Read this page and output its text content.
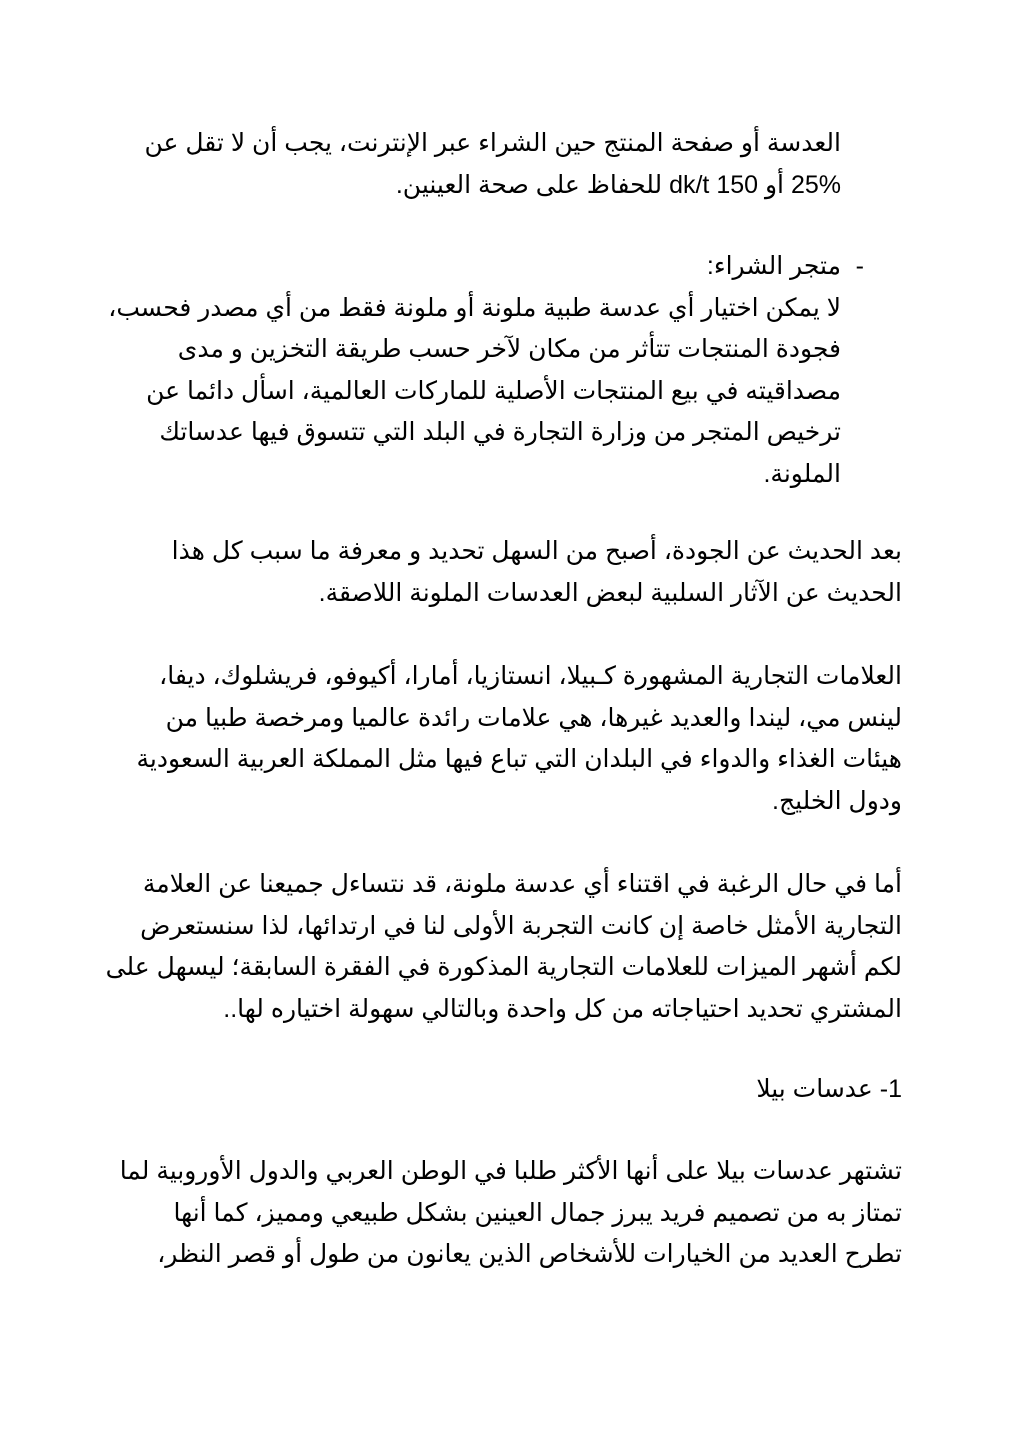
العدسة أو صفحة المنتج حين الشراء عبر الإنترنت، يجب أن لا تقل عن
25% أو dk/t 150 للحفاظ على صحة العينين.
-
متجر الشراء:
لا يمكن اختيار أي عدسة طبية ملونة أو ملونة فقط من أي مصدر فحسب،
فجودة المنتجات تتأثر من مكان لآخر حسب طريقة التخزين و مدى
مصداقيته في بيع المنتجات الأصلية للماركات العالمية، اسأل دائما عن
ترخيص المتجر من وزارة التجارة في البلد التي تتسوق فيها عدساتك
الملونة.
بعد الحديث عن الجودة، أصبح من السهل تحديد و معرفة ما سبب كل هذا
الحديث عن الآثار السلبية لبعض العدسات الملونة اللاصقة.
العلامات التجارية المشهورة كـبيلا، انستازيا، أمارا، أكيوفو، فريشلوك، ديفا،
لينس مي، ليندا والعديد غيرها، هي علامات رائدة عالميا ومرخصة طبيا من
هيئات الغذاء والدواء في البلدان التي تباع فيها مثل المملكة العربية السعودية
ودول الخليج.
أما في حال الرغبة في اقتناء أي عدسة ملونة، قد نتساءل جميعنا عن العلامة
التجارية الأمثل خاصة إن كانت التجربة الأولى لنا في ارتدائها، لذا سنستعرض
لكم أشهر الميزات للعلامات التجارية المذكورة في الفقرة السابقة؛ ليسهل على
المشتري تحديد احتياجاته من كل واحدة وبالتالي سهولة اختياره لها..
1- عدسات بيلا
تشتهر عدسات بيلا على أنها الأكثر طلبا في الوطن العربي والدول الأوروبية لما
تمتاز به من تصميم فريد يبرز جمال العينين بشكل طبيعي ومميز، كما أنها
تطرح العديد من الخيارات للأشخاص الذين يعانون من طول أو قصر النظر،
